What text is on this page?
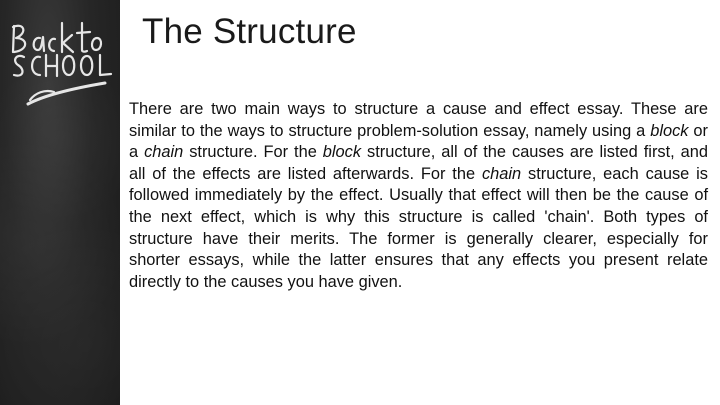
The Structure

There are two main ways to structure a cause and effect essay. These are similar to the ways to structure problem-solution essay, namely using a block or a chain structure. For the block structure, all of the causes are listed first, and all of the effects are listed afterwards. For the chain structure, each cause is followed immediately by the effect. Usually that effect will then be the cause of the next effect, which is why this structure is called 'chain'. Both types of structure have their merits. The former is generally clearer, especially for shorter essays, while the latter ensures that any effects you present relate directly to the causes you have given.
